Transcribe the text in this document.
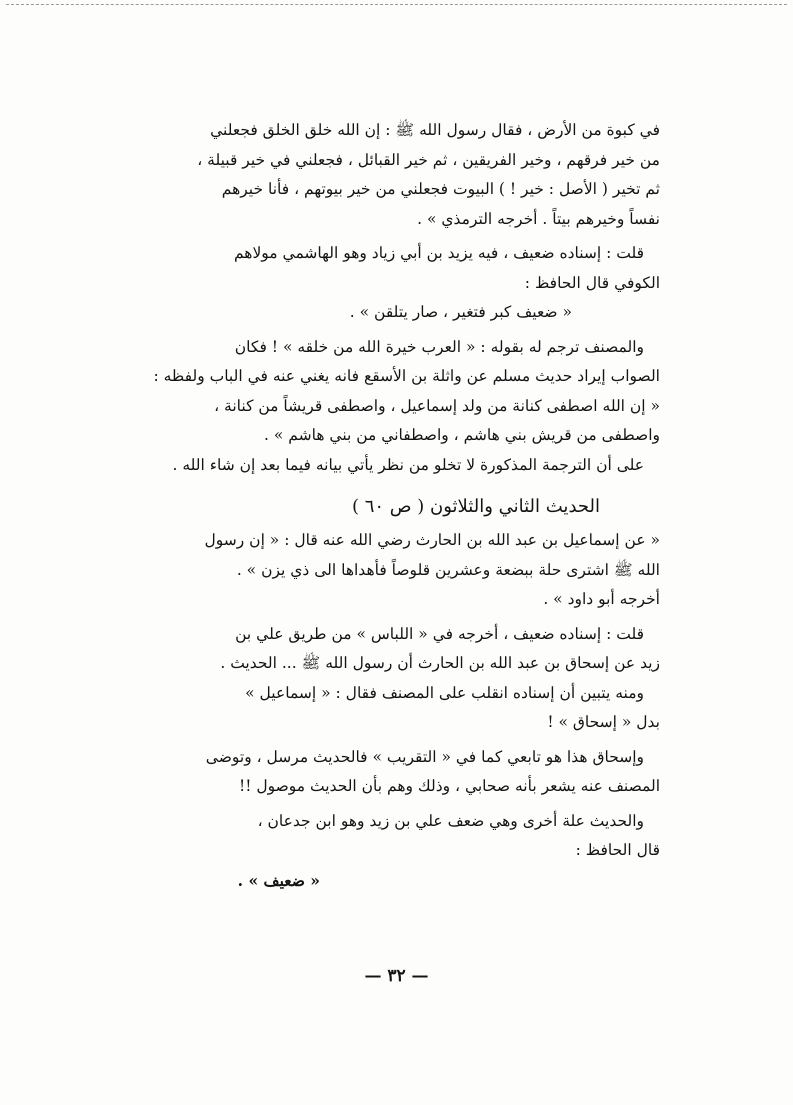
في كبوة من الأرض ، فقال رسول الله ﷺ : إن الله خلق الخلق فجعلني
من خير فرقهم ، وخير الفريقين ، ثم خير القبائل ، فجعلني في خير قبيلة ،
ثم تخير ( الأصل : خير ! ) البيوت فجعلني من خير بيوتهم ، فأنا خيرهم
نفساً وخيرهم بيتاً . أخرجه الترمذي » .
قلت : إسناده ضعيف ، فيه يزيد بن أبي زياد وهو الهاشمي مولاهم
الكوفي قال الحافظ :
« ضعيف كبر فتغير ، صار يتلقن » .
والمصنف ترجم له بقوله : « العرب خيرة الله من خلقه » ! فكان
الصواب إيراد حديث مسلم عن واثلة بن الأسقع فانه يغني عنه في الباب ولفظه :
« إن الله اصطفى كنانة من ولد إسماعيل ، واصطفى قريشاً من كنانة ،
واصطفى من قريش بني هاشم ، واصطفاني من بني هاشم » .
على أن الترجمة المذكورة لا تخلو من نظر يأتي بيانه فيما بعد إن شاء الله .
الحديث الثاني والثلاثون ( ص ٦٠ )
« عن إسماعيل بن عبد الله بن الحارث رضي الله عنه قال : « إن رسول
الله ﷺ اشترى حلة ببضعة وعشرين قلوصاً فأهداها الى ذي يزن » .
أخرجه أبو داود » .
قلت : إسناده ضعيف ، أخرجه في « اللباس » من طريق علي بن
زيد عن إسحاق بن عبد الله بن الحارث أن رسول الله ﷺ ... الحديث .
ومنه يتبين أن إسناده انقلب على المصنف فقال : « إسماعيل »
بدل « إسحاق » !
وإسحاق هذا هو تابعي كما في « التقريب » فالحديث مرسل ، وتوضى
المصنف عنه يشعر بأنه صحابي ، وذلك وهم بأن الحديث موصول !!
والحديث علة أخرى وهي ضعف علي بن زيد وهو ابن جدعان ،
قال الحافظ :
« ضعيف » .
— ٣٢ —
